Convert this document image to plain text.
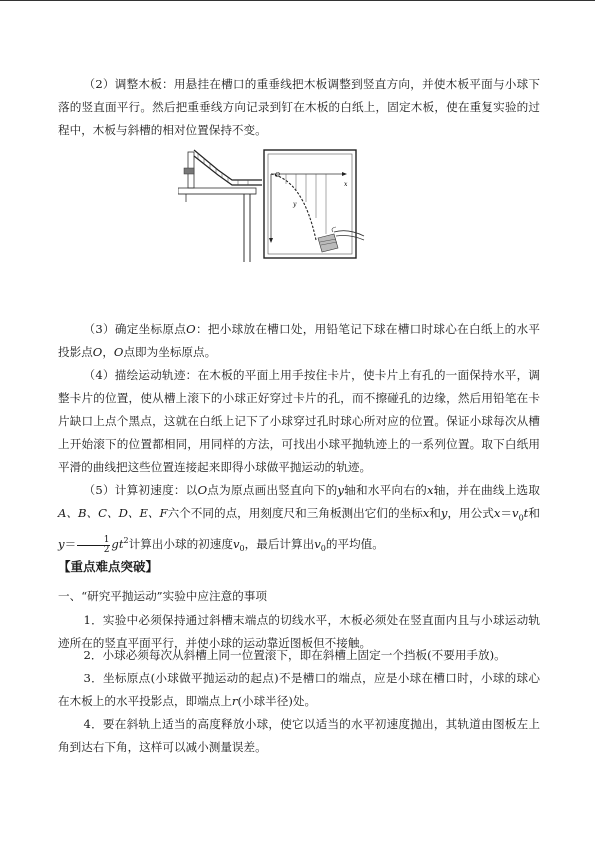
（2）调整木板：用悬挂在槽口的重垂线把木板调整到竖直方向，并使木板平面与小球下落的竖直面平行。然后把重垂线方向记录到钉在木板的白纸上，固定木板，使在重复实验的过程中，木板与斜槽的相对位置保持不变。

O
x
y

（3）确定坐标原点O：把小球放在槽口处，用铅笔记下球在槽口时球心在白纸上的水平投影点O，O点即为坐标原点。

（4）描绘运动轨迹：在木板的平面上用手按住卡片，使卡片上有孔的一面保持水平，调整卡片的位置，使从槽上滚下的小球正好穿过卡片的孔，而不擦碰孔的边缘，然后用铅笔在卡片缺口上点个黑点，这就在白纸上记下了小球穿过孔时球心所对应的位置。保证小球每次从槽上开始滚下的位置都相同，用同样的方法，可找出小球平抛轨迹上的一系列位置。取下白纸用平滑的曲线把这些位置连接起来即得小球做平抛运动的轨迹。

（5）计算初速度：以O点为原点画出竖直向下的y轴和水平向右的x轴，并在曲线上选取A、B、C、D、E、F六个不同的点，用刻度尺和三角板测出它们的坐标x和y，用公式$x=v_0t$和$y= \frac{1}{2} gt^2$计算出小球的初速度$v_0$，最后计算出$v_0$的平均值。

【重点难点突破】

一、“研究平抛运动”实验中应注意的事项

1．实验中必须保持通过斜槽末端点的切线水平，木板必须处在竖直面内且与小球运动轨迹所在的竖直平面平行，并使小球的运动靠近图板但不接触。

2．小球必须每次从斜槽上同一位置滚下，即在斜槽上固定一个挡板(不要用手放)。

3．坐标原点(小球做平抛运动的起点)不是槽口的端点，应是小球在槽口时，小球的球心在木板上的水平投影点，即端点上r(小球半径)处。

4．要在斜轨上适当的高度释放小球，使它以适当的水平初速度抛出，其轨道由图板左上角到达右下角，这样可以减小测量误差。
